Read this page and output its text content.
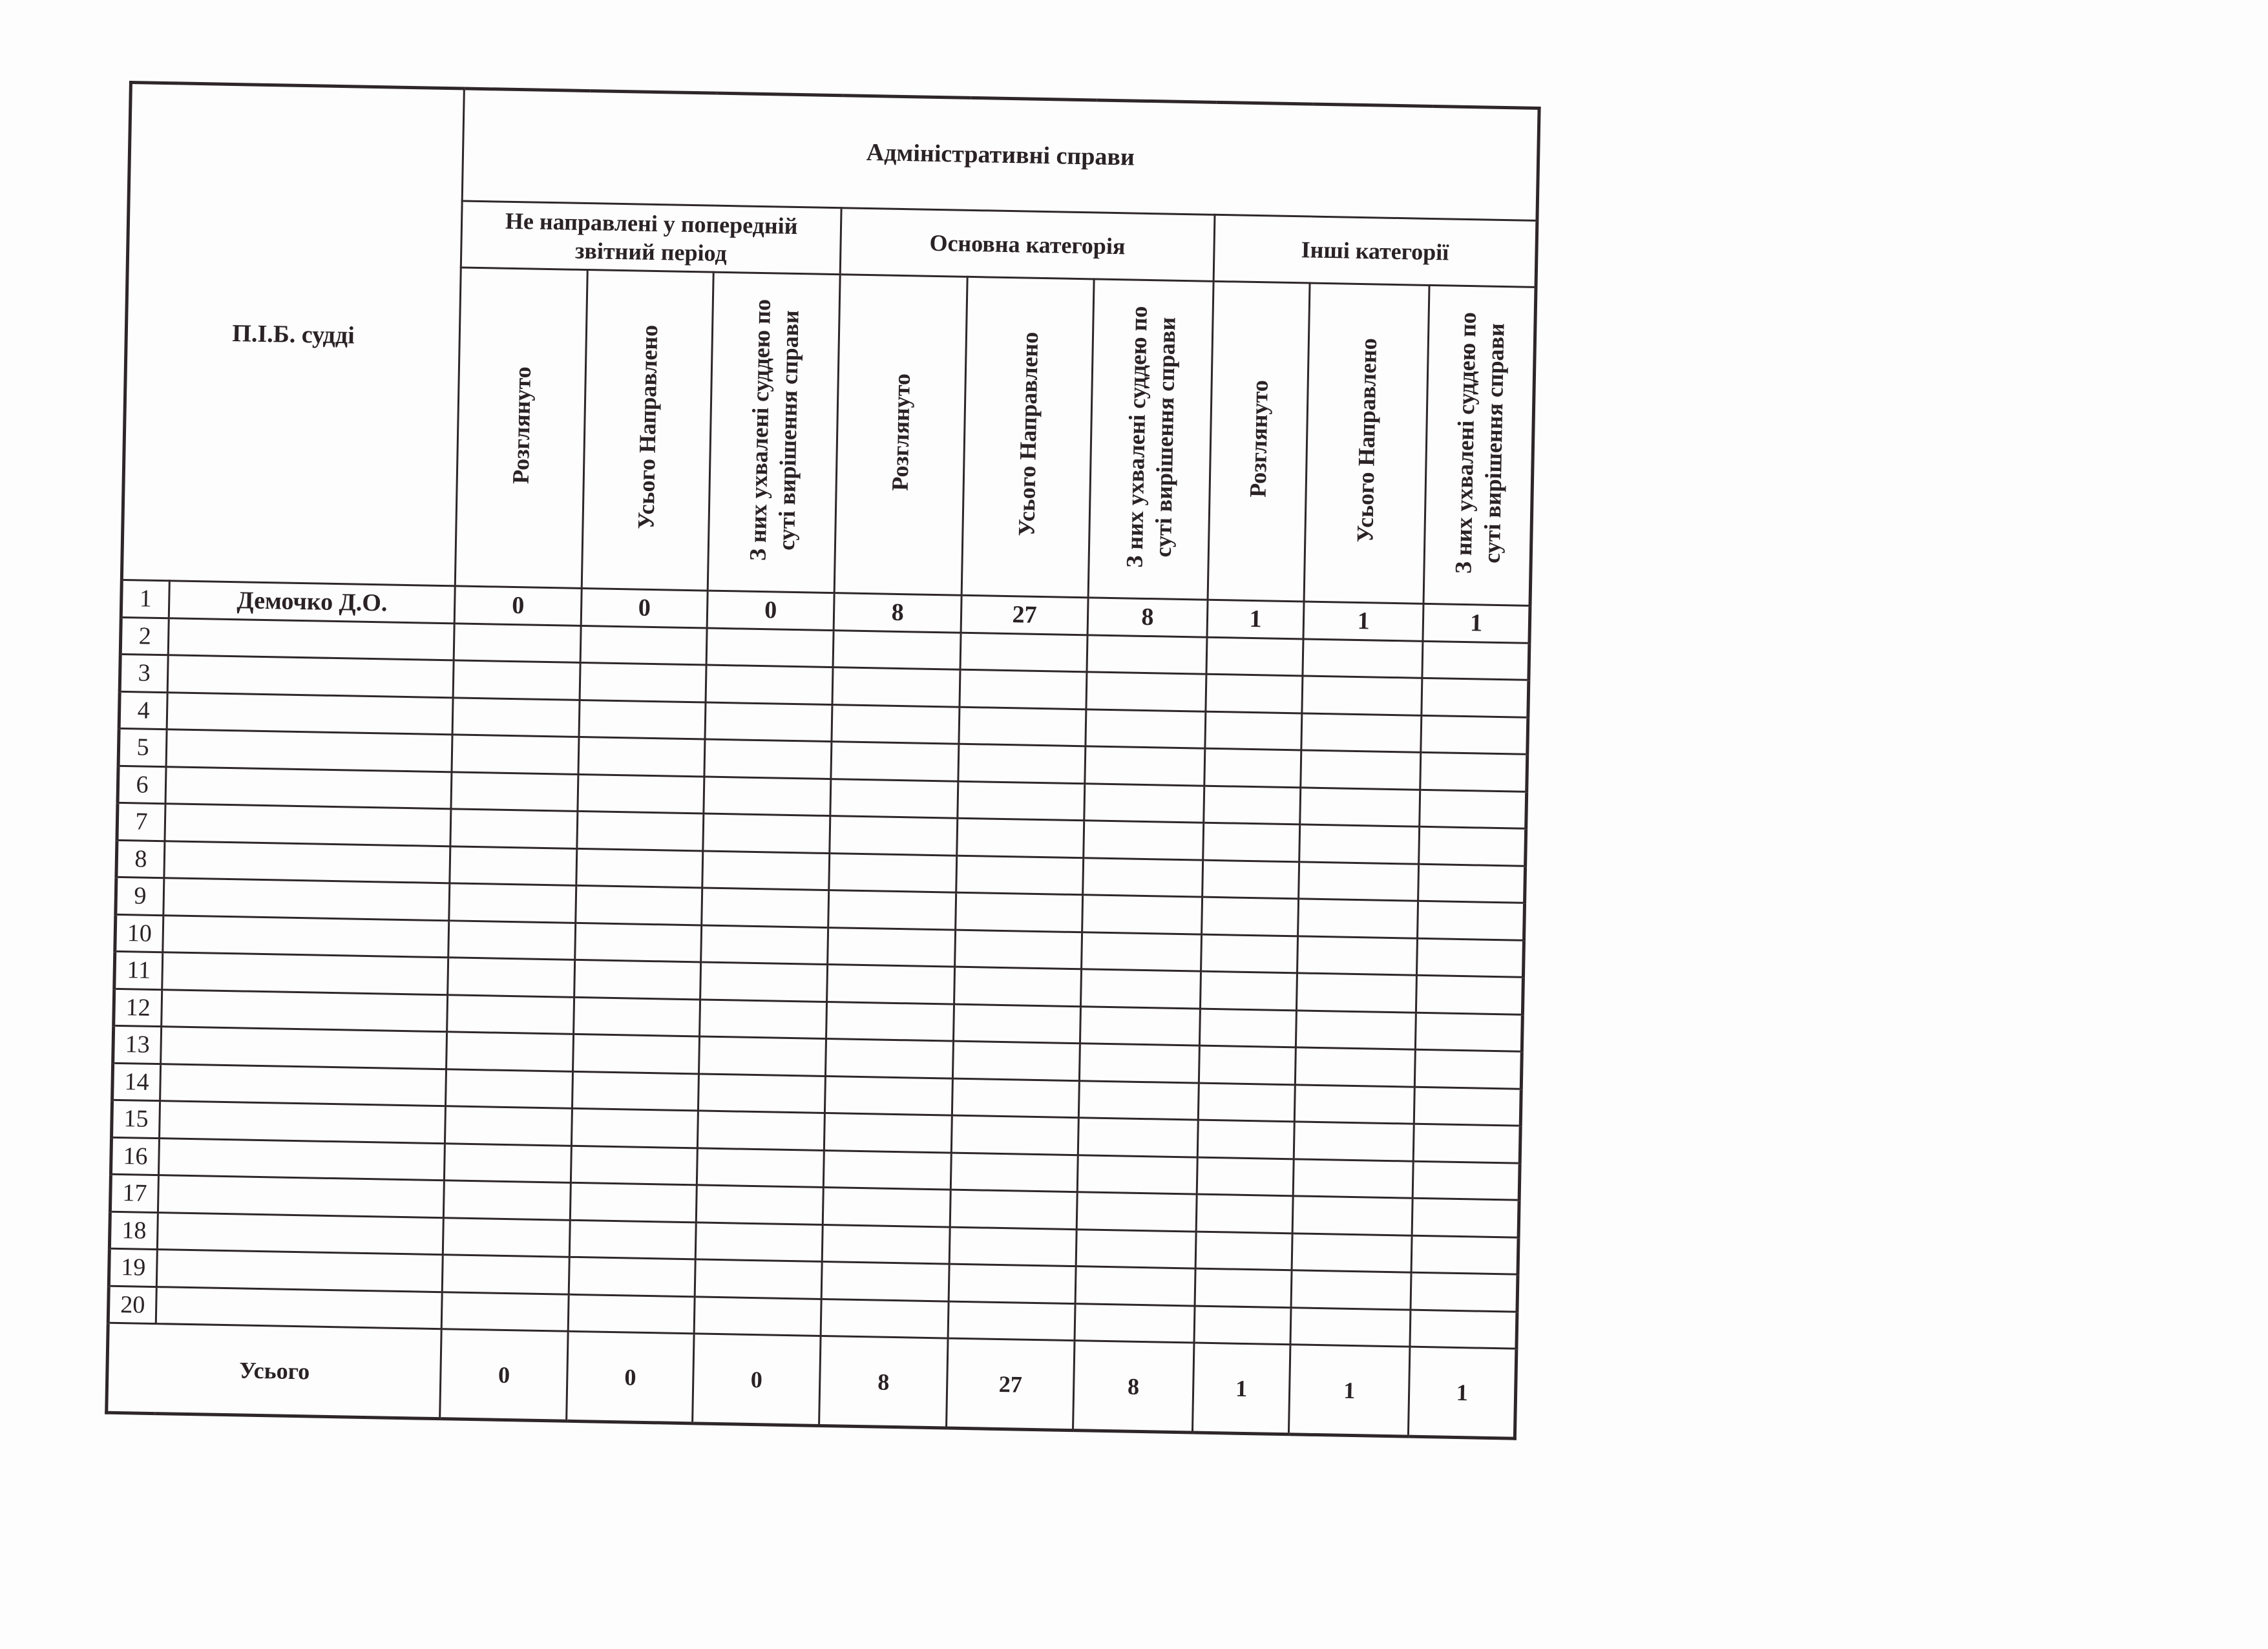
П.І.Б. судді		Адміністративні справи								
		Не направлені у попередній звітний період			Основна категорія			Інші категорії		
		Розглянуто	Усього Направлено	З них ухвалені суддею по суті вирішення справи	Розглянуто	Усього Направлено	З них ухвалені суддею по суті вирішення справи	Розглянуто	Усього Направлено	З них ухвалені суддею по суті вирішення справи
1	Демочко Д.О.	0	0	0	8	27	8	1	1	1
2										
3										
4										
5										
6										
7										
8										
9										
10										
11										
12										
13										
14										
15										
16										
17										
18										
19										
20										
Усього		0	0	0	8	27	8	1	1	1
